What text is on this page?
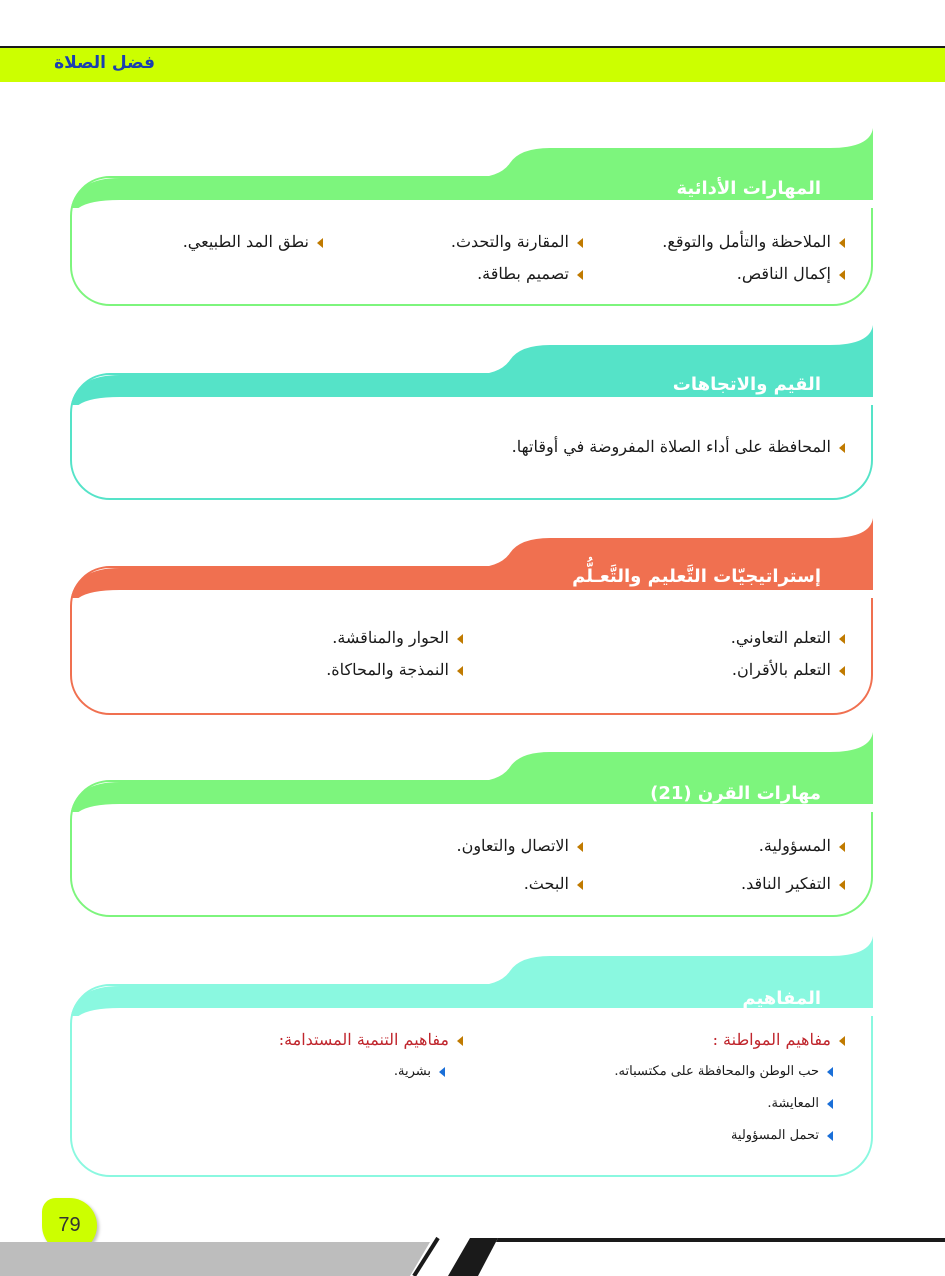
فضل الصلاة
المهارات الأدائية
الملاحظة والتأمل والتوقع.
المقارنة والتحدث.
نطق المد الطبيعي.
إكمال الناقص.
تصميم بطاقة.
القيم والاتجاهات
المحافظة على أداء الصلاة المفروضة في أوقاتها.
إستراتيجيّات التَّعليم والتَّعـلُّم
التعلم التعاوني.
الحوار والمناقشة.
التعلم بالأقران.
النمذجة والمحاكاة.
مهارات القرن (21)
المسؤولية.
الاتصال والتعاون.
التفكير الناقد.
البحث.
المفاهيم
مفاهيم المواطنة :
مفاهيم التنمية المستدامة:
حب الوطن والمحافظة على مكتسباته.
بشرية.
المعايشة.
تحمل المسؤولية
79
